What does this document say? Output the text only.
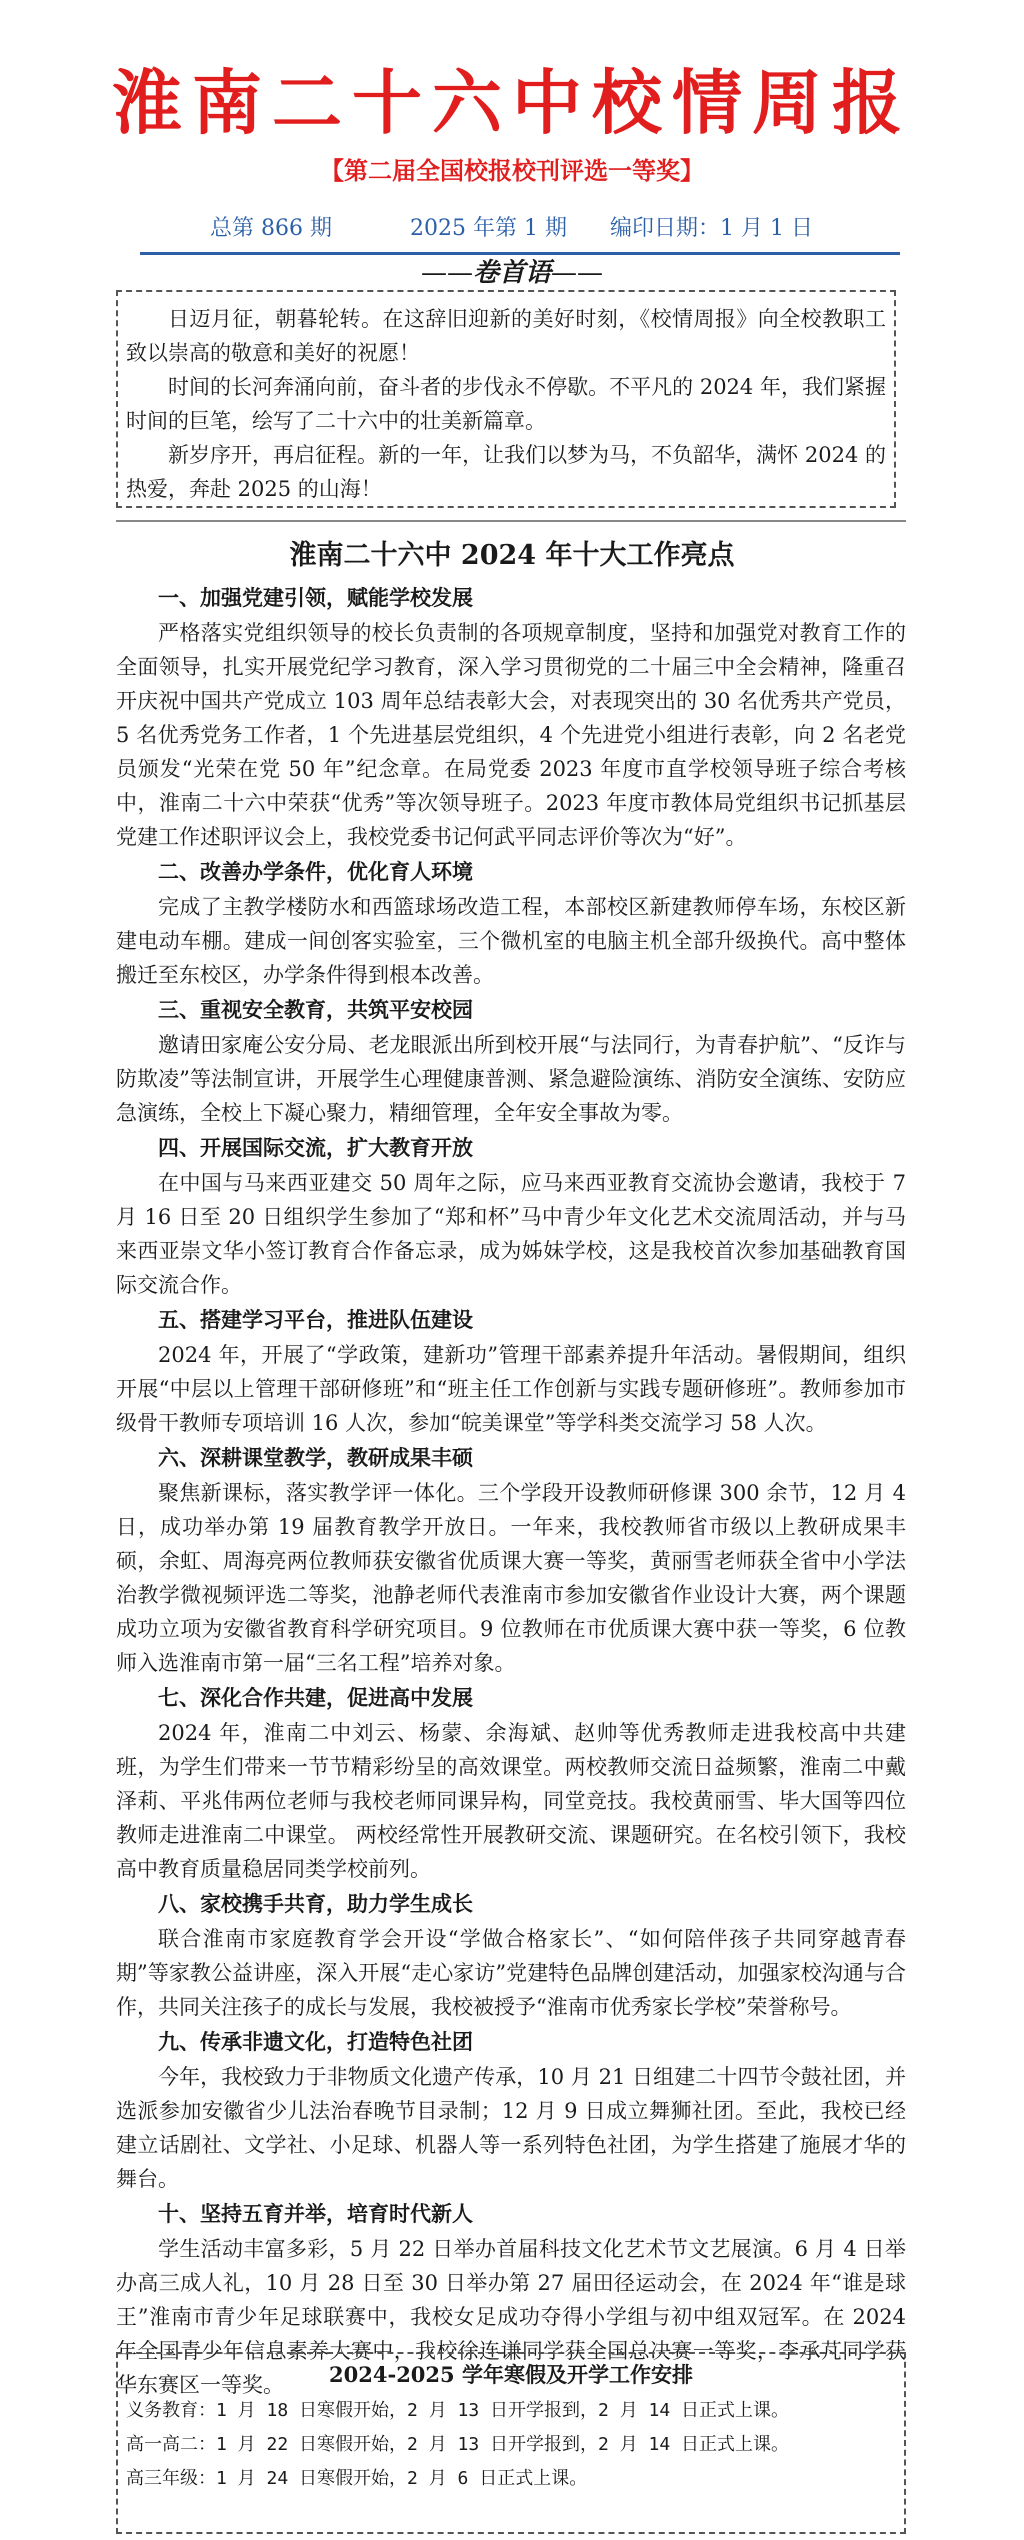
淮南二十六中校情周报
【第二届全国校报校刊评选一等奖】
总第 866 期	2025 年第 1 期 编印日期：1 月 1 日
——卷首语——

日迈月征，朝暮轮转。在这辞旧迎新的美好时刻，《校情周报》向全校教职工致以崇高的敬意和美好的祝愿！

时间的长河奔涌向前，奋斗者的步伐永不停歇。不平凡的 2024 年，我们紧握时间的巨笔，绘写了二十六中的壮美新篇章。

新岁序开，再启征程。新的一年，让我们以梦为马，不负韶华，满怀 2024 的热爱，奔赴 2025 的山海！

淮南二十六中 2024 年十大工作亮点
一、加强党建引领，赋能学校发展

严格落实党组织领导的校长负责制的各项规章制度，坚持和加强党对教育工作的全面领导，扎实开展党纪学习教育，深入学习贯彻党的二十届三中全会精神，隆重召开庆祝中国共产党成立 103 周年总结表彰大会，对表现突出的 30 名优秀共产党员，5 名优秀党务工作者，1 个先进基层党组织，4 个先进党小组进行表彰，向 2 名老党员颁发“光荣在党 50 年”纪念章。在局党委 2023 年度市直学校领导班子综合考核中，淮南二十六中荣获“优秀”等次领导班子。2023 年度市教体局党组织书记抓基层党建工作述职评议会上，我校党委书记何武平同志评价等次为“好”。

二、改善办学条件，优化育人环境

完成了主教学楼防水和西篮球场改造工程，本部校区新建教师停车场，东校区新建电动车棚。建成一间创客实验室，三个微机室的电脑主机全部升级换代。高中整体搬迁至东校区，办学条件得到根本改善。

三、重视安全教育，共筑平安校园

邀请田家庵公安分局、老龙眼派出所到校开展“与法同行，为青春护航”、“反诈与防欺凌”等法制宣讲，开展学生心理健康普测、紧急避险演练、消防安全演练、安防应急演练，全校上下凝心聚力，精细管理，全年安全事故为零。

四、开展国际交流，扩大教育开放

在中国与马来西亚建交 50 周年之际，应马来西亚教育交流协会邀请，我校于 7 月 16 日至 20 日组织学生参加了“郑和杯”马中青少年文化艺术交流周活动，并与马来西亚崇文华小签订教育合作备忘录，成为姊妹学校，这是我校首次参加基础教育国际交流合作。

五、搭建学习平台，推进队伍建设

2024 年，开展了“学政策，建新功”管理干部素养提升年活动。暑假期间，组织开展“中层以上管理干部研修班”和“班主任工作创新与实践专题研修班”。教师参加市级骨干教师专项培训 16 人次，参加“皖美课堂”等学科类交流学习 58 人次。

六、深耕课堂教学，教研成果丰硕

聚焦新课标，落实教学评一体化。三个学段开设教师研修课 300 余节，12 月 4 日，成功举办第 19 届教育教学开放日。一年来，我校教师省市级以上教研成果丰硕，余虹、周海亮两位教师获安徽省优质课大赛一等奖，黄丽雪老师获全省中小学法治教学微视频评选二等奖，池静老师代表淮南市参加安徽省作业设计大赛，两个课题成功立项为安徽省教育科学研究项目。9 位教师在市优质课大赛中获一等奖，6 位教师入选淮南市第一届“三名工程”培养对象。

七、深化合作共建，促进高中发展

2024 年，淮南二中刘云、杨蒙、余海斌、赵帅等优秀教师走进我校高中共建班，为学生们带来一节节精彩纷呈的高效课堂。两校教师交流日益频繁，淮南二中戴泽莉、平兆伟两位老师与我校老师同课异构，同堂竞技。我校黄丽雪、毕大国等四位教师走进淮南二中课堂。 两校经常性开展教研交流、课题研究。在名校引领下，我校高中教育质量稳居同类学校前列。

八、家校携手共育，助力学生成长

联合淮南市家庭教育学会开设“学做合格家长”、“如何陪伴孩子共同穿越青春期”等家教公益讲座，深入开展“走心家访”党建特色品牌创建活动，加强家校沟通与合作，共同关注孩子的成长与发展，我校被授予“淮南市优秀家长学校”荣誉称号。

九、传承非遗文化，打造特色社团

今年，我校致力于非物质文化遗产传承，10 月 21 日组建二十四节令鼓社团，并选派参加安徽省少儿法治春晚节目录制；12 月 9 日成立舞狮社团。至此，我校已经建立话剧社、文学社、小足球、机器人等一系列特色社团，为学生搭建了施展才华的舞台。

十、坚持五育并举，培育时代新人

学生活动丰富多彩，5 月 22 日举办首届科技文化艺术节文艺展演。6 月 4 日举办高三成人礼，10 月 28 日至 30 日举办第 27 届田径运动会，在 2024 年“谁是球王”淮南市青少年足球联赛中，我校女足成功夺得小学组与初中组双冠军。在 2024 年全国青少年信息素养大赛中，我校徐连谦同学获全国总决赛一等奖，李承芃同学获华东赛区一等奖。	2024-2025 学年寒假及开学工作安排
义务教育：1 月 18 日寒假开始，2 月 13 日开学报到，2 月 14 日正式上课。
高一高二：1 月 22 日寒假开始，2 月 13 日开学报到，2 月 14 日正式上课。
高三年级：1 月 24 日寒假开始，2 月 6 日正式上课。
